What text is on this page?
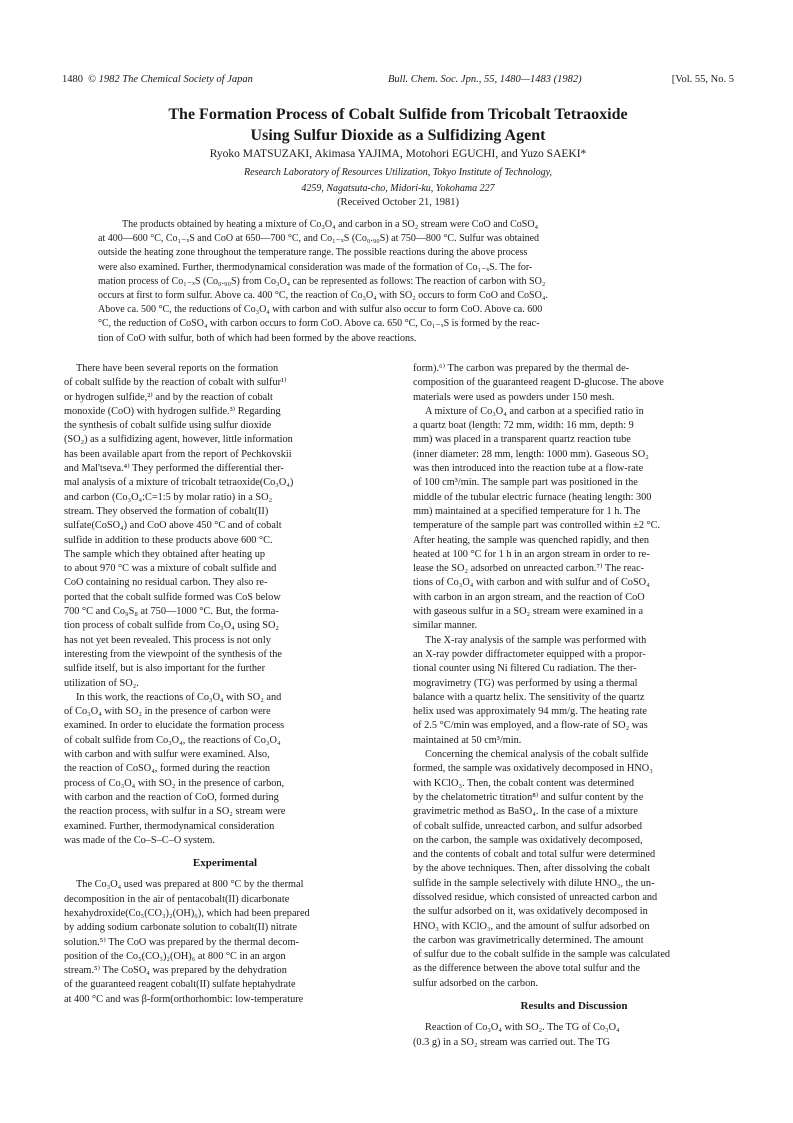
1480 © 1982 The Chemical Society of Japan	Bull. Chem. Soc. Jpn., 55, 1480—1483 (1982)	[Vol. 55, No. 5
The Formation Process of Cobalt Sulfide from Tricobalt Tetraoxide
Using Sulfur Dioxide as a Sulfidizing Agent
Ryoko MATSUZAKI, Akimasa YAJIMA, Motohori EGUCHI, and Yuzo SAEKI*
Research Laboratory of Resources Utilization, Tokyo Institute of Technology,
4259, Nagatsuta-cho, Midori-ku, Yokohama 227
(Received October 21, 1981)
The products obtained by heating a mixture of Co₃O₄ and carbon in a SO₂ stream were CoO and CoSO₄
at 400—600 °C, Co₁₋ₓS and CoO at 650—700 °C, and Co₁₋ₓS (Co₀.₉₀S) at 750—800 °C. Sulfur was obtained
outside the heating zone throughout the temperature range. The possible reactions during the above process
were also examined. Further, thermodynamical consideration was made of the formation of Co₁₋ₓS. The for-
mation process of Co₁₋ₓS (Co₀.₉₀S) from Co₃O₄ can be represented as follows: The reaction of carbon with SO₂
occurs at first to form sulfur. Above ca. 400 °C, the reaction of Co₃O₄ with SO₂ occurs to form CoO and CoSO₄.
Above ca. 500 °C, the reductions of Co₃O₄ with carbon and with sulfur also occur to form CoO. Above ca. 600
°C, the reduction of CoSO₄ with carbon occurs to form CoO. Above ca. 650 °C, Co₁₋ₓS is formed by the reac-
tion of CoO with sulfur, both of which had been formed by the above reactions.
There have been several reports on the formation
of cobalt sulfide by the reaction of cobalt with sulfur¹⁾
or hydrogen sulfide,²⁾ and by the reaction of cobalt
monoxide (CoO) with hydrogen sulfide.³⁾ Regarding
the synthesis of cobalt sulfide using sulfur dioxide
(SO₂) as a sulfidizing agent, however, little information
has been available apart from the report of Pechkovskii
and Mal'tseva.⁴⁾ They performed the differential ther-
mal analysis of a mixture of tricobalt tetraoxide(Co₃O₄)
and carbon (Co₃O₄:C=1:5 by molar ratio) in a SO₂
stream. They observed the formation of cobalt(II)
sulfate(CoSO₄) and CoO above 450 °C and of cobalt
sulfide in addition to these products above 600 °C.
The sample which they obtained after heating up
to about 970 °C was a mixture of cobalt sulfide and
CoO containing no residual carbon. They also re-
ported that the cobalt sulfide formed was CoS below
700 °C and Co₉S₈ at 750—1000 °C. But, the forma-
tion process of cobalt sulfide from Co₃O₄ using SO₂
has not yet been revealed. This process is not only
interesting from the viewpoint of the synthesis of the
sulfide itself, but is also important for the further
utilization of SO₂.
In this work, the reactions of Co₃O₄ with SO₂ and
of Co₃O₄ with SO₂ in the presence of carbon were
examined. In order to elucidate the formation process
of cobalt sulfide from Co₃O₄, the reactions of Co₃O₄
with carbon and with sulfur were examined. Also,
the reaction of CoSO₄, formed during the reaction
process of Co₃O₄ with SO₂ in the presence of carbon,
with carbon and the reaction of CoO, formed during
the reaction process, with sulfur in a SO₂ stream were
examined. Further, thermodynamical consideration
was made of the Co–S–C–O system.
Experimental
The Co₃O₄ used was prepared at 800 °C by the thermal
decomposition in the air of pentacobalt(II) dicarbonate
hexahydroxide(Co₅(CO₃)₂(OH)₆), which had been prepared
by adding sodium carbonate solution to cobalt(II) nitrate
solution.⁵⁾ The CoO was prepared by the thermal decom-
position of the Co₅(CO₃)₂(OH)₆ at 800 °C in an argon
stream.⁵⁾ The CoSO₄ was prepared by the dehydration
of the guaranteed reagent cobalt(II) sulfate heptahydrate
at 400 °C and was β-form(orthorhombic: low-temperature
form).⁶⁾ The carbon was prepared by the thermal de-
composition of the guaranteed reagent D-glucose. The above
materials were used as powders under 150 mesh.
A mixture of Co₃O₄ and carbon at a specified ratio in
a quartz boat (length: 72 mm, width: 16 mm, depth: 9
mm) was placed in a transparent quartz reaction tube
(inner diameter: 28 mm, length: 1000 mm). Gaseous SO₂
was then introduced into the reaction tube at a flow-rate
of 100 cm³/min. The sample part was positioned in the
middle of the tubular electric furnace (heating length: 300
mm) maintained at a specified temperature for 1 h. The
temperature of the sample part was controlled within ±2 °C.
After heating, the sample was quenched rapidly, and then
heated at 100 °C for 1 h in an argon stream in order to re-
lease the SO₂ adsorbed on unreacted carbon.⁷⁾ The reac-
tions of Co₃O₄ with carbon and with sulfur and of CoSO₄
with carbon in an argon stream, and the reaction of CoO
with gaseous sulfur in a SO₂ stream were examined in a
similar manner.
The X-ray analysis of the sample was performed with
an X-ray powder diffractometer equipped with a propor-
tional counter using Ni filtered Cu radiation. The ther-
mogravimetry (TG) was performed by using a thermal
balance with a quartz helix. The sensitivity of the quartz
helix used was approximately 94 mm/g. The heating rate
of 2.5 °C/min was employed, and a flow-rate of SO₂ was
maintained at 50 cm³/min.
Concerning the chemical analysis of the cobalt sulfide
formed, the sample was oxidatively decomposed in HNO₃
with KClO₃. Then, the cobalt content was determined
by the chelatometric titration⁸⁾ and sulfur content by the
gravimetric method as BaSO₄. In the case of a mixture
of cobalt sulfide, unreacted carbon, and sulfur adsorbed
on the carbon, the sample was oxidatively decomposed,
and the contents of cobalt and total sulfur were determined
by the above techniques. Then, after dissolving the cobalt
sulfide in the sample selectively with dilute HNO₃, the un-
dissolved residue, which consisted of unreacted carbon and
the sulfur adsorbed on it, was oxidatively decomposed in
HNO₃ with KClO₃, and the amount of sulfur adsorbed on
the carbon was gravimetrically determined. The amount
of sulfur due to the cobalt sulfide in the sample was calculated
as the difference between the above total sulfur and the
sulfur adsorbed on the carbon.
Results and Discussion
Reaction of Co₃O₄ with SO₂. The TG of Co₃O₄
(0.3 g) in a SO₂ stream was carried out. The TG
